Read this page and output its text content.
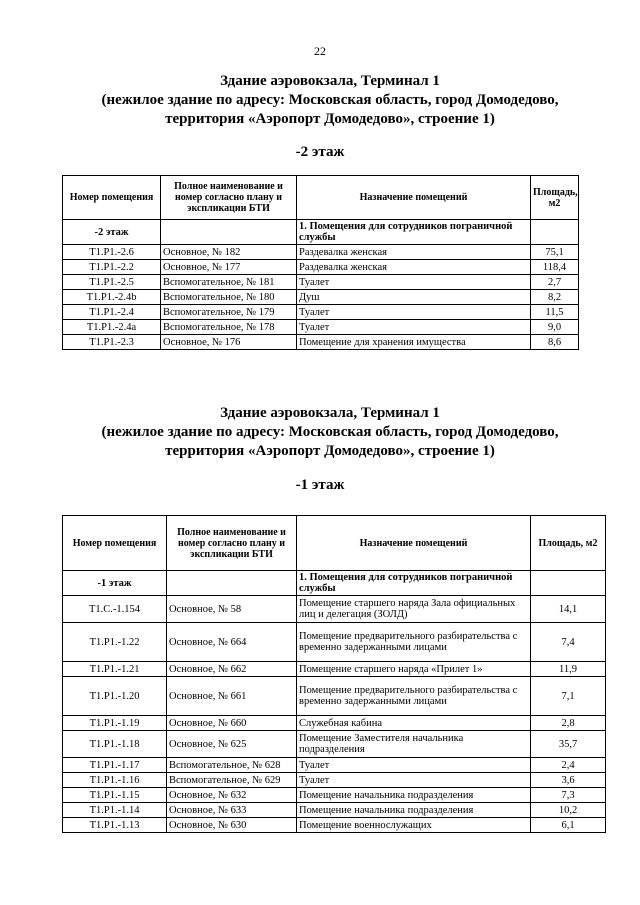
22
Здание аэровокзала, Терминал 1
(нежилое здание по адресу: Московская область, город Домодедово,
территория «Аэропорт Домодедово», строение 1)
-2 этаж
Номер помещения	Полное наименование и номер согласно плану и экспликации БТИ	Назначение помещений	Площадь, м2
-2 этаж		1. Помещения для сотрудников пограничной службы	
Т1.Р1.-2.6	Основное, № 182	Раздевалка женская	75,1
Т1.Р1.-2.2	Основное, № 177	Раздевалка женская	118,4
Т1.Р1.-2.5	Вспомогательное, № 181	Туалет	2,7
Т1.Р1.-2.4b	Вспомогательное, № 180	Душ	8,2
Т1.Р1.-2.4	Вспомогательное, № 179	Туалет	11,5
Т1.Р1.-2.4а	Вспомогательное, № 178	Туалет	9,0
Т1.Р1.-2.3	Основное, № 176	Помещение для хранения имущества	8,6
Здание аэровокзала, Терминал 1
(нежилое здание по адресу: Московская область, город Домодедово,
территория «Аэропорт Домодедово», строение 1)
-1 этаж
Номер помещения	Полное наименование и номер согласно плану и экспликации БТИ	Назначение помещений	Площадь, м2
-1 этаж		1. Помещения для сотрудников пограничной службы	
Т1.С.-1.154	Основное, № 58	Помещение старшего наряда Зала официальных лиц и делегация (ЗОЛД)	14,1
Т1.Р1.-1.22	Основное, № 664	Помещение предварительного разбирательства с временно задержанными лицами	7,4
Т1.Р1.-1.21	Основное, № 662	Помещение старшего наряда «Прилет 1»	11,9
Т1.Р1.-1.20	Основное, № 661	Помещение предварительного разбирательства с временно задержанными лицами	7,1
Т1.Р1.-1.19	Основное, № 660	Служебная кабина	2,8
Т1.Р1.-1.18	Основное, № 625	Помещение Заместителя начальника подразделения	35,7
Т1.Р1.-1.17	Вспомогательное, № 628	Туалет	2,4
Т1.Р1.-1.16	Вспомогательное, № 629	Туалет	3,6
Т1.Р1.-1.15	Основное, № 632	Помещение начальника подразделения	7,3
Т1.Р1.-1.14	Основное, № 633	Помещение начальника подразделения	10,2
Т1.Р1.-1.13	Основное, № 630	Помещение военнослужащих	6,1
